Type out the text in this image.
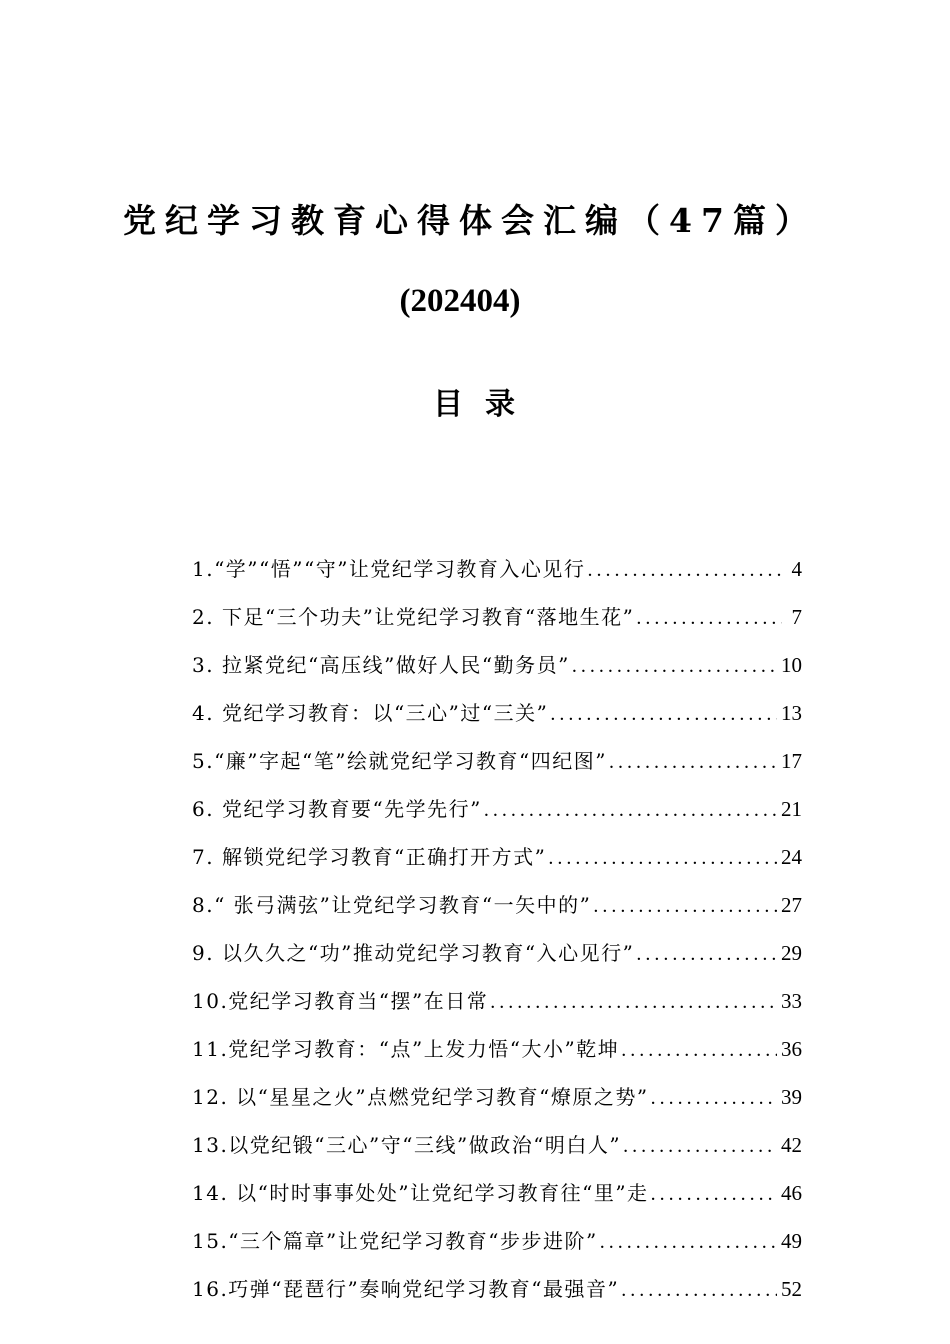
党纪学习教育心得体会汇编（47篇）
(202404)
目录
1.“学”“悟”“守”让党纪学习教育入心见行 .....	4
2. 下足“三个功夫”让党纪学习教育“落地生花” .....	7
3. 拉紧党纪“高压线”做好人民“勤务员” .....	10
4. 党纪学习教育：以“三心”过“三关” .....	13
5.“廉”字起“笔”绘就党纪学习教育“四纪图” .....	17
6. 党纪学习教育要“先学先行” .....	21
7. 解锁党纪学习教育“正确打开方式” .....	24
8.“ 张弓满弦”让党纪学习教育“一矢中的” .....	27
9. 以久久之“功”推动党纪学习教育“入心见行” .....	29
10.党纪学习教育当“摆”在日常 .....	33
11.党纪学习教育：“点”上发力悟“大小”乾坤 .....	36
12. 以“星星之火”点燃党纪学习教育“燎原之势” .....	39
13.以党纪锻“三心”守“三线”做政治“明白人” .....	42
14. 以“时时事事处处”让党纪学习教育往“里”走 .....	46
15.“三个篇章”让党纪学习教育“步步进阶” .....	49
16.巧弹“琵琶行”奏响党纪学习教育“最强音” .....	52
